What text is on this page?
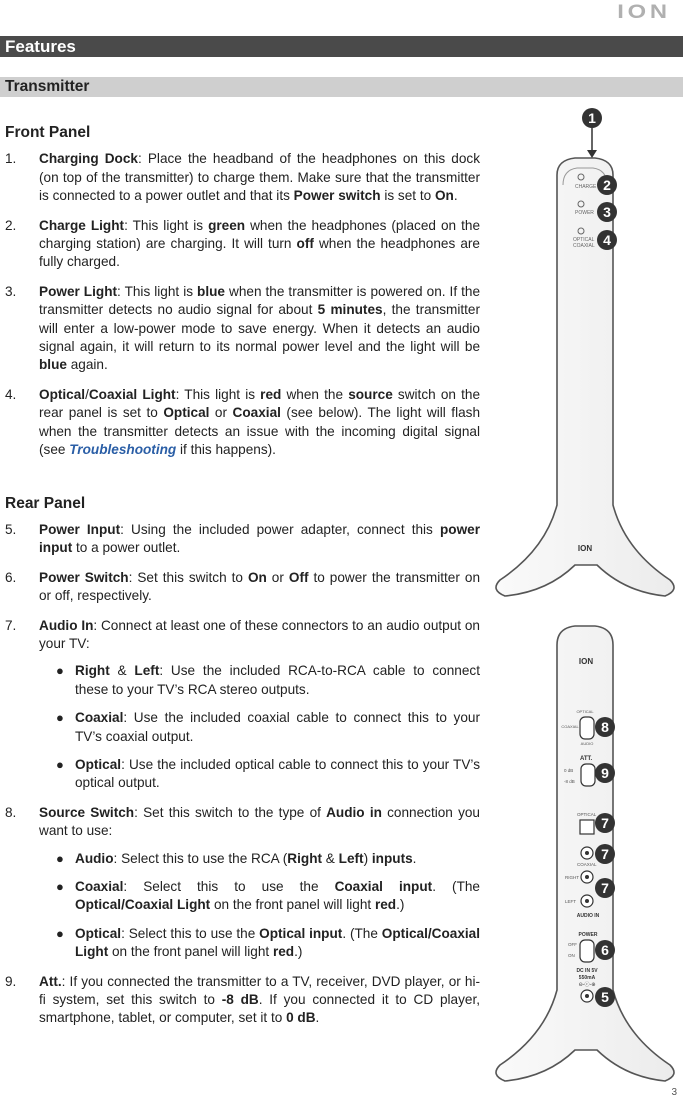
ION
Features
Transmitter
Front Panel
1.	Charging Dock: Place the headband of the headphones on this dock (on top of the transmitter) to charge them. Make sure that the transmitter is connected to a power outlet and that its Power switch is set to On.
2.	Charge Light: This light is green when the headphones (placed on the charging station) are charging. It will turn off when the headphones are fully charged.
3.	Power Light: This light is blue when the transmitter is powered on. If the transmitter detects no audio signal for about 5 minutes, the transmitter will enter a low-power mode to save energy. When it detects an audio signal again, it will return to its normal power level and the light will be blue again.
4.	Optical/Coaxial Light: This light is red when the source switch on the rear panel is set to Optical or Coaxial (see below). The light will flash when the transmitter detects an issue with the incoming digital signal (see Troubleshooting if this happens).
Rear Panel
5.	Power Input: Using the included power adapter, connect this power input to a power outlet.
6.	Power Switch: Set this switch to On or Off to power the transmitter on or off, respectively.
7.	Audio In: Connect at least one of these connectors to an audio output on your TV:
● Right & Left: Use the included RCA-to-RCA cable to connect these to your TV’s RCA stereo outputs.
● Coaxial: Use the included coaxial cable to connect this to your TV’s coaxial output.
● Optical: Use the included optical cable to connect this to your TV’s optical output.
8.	Source Switch: Set this switch to the type of Audio in connection you want to use:
● Audio: Select this to use the RCA (Right & Left) inputs.
● Coaxial: Select this to use the Coaxial input. (The Optical/Coaxial Light on the front panel will light red.)
● Optical: Select this to use the Optical input. (The Optical/Coaxial Light on the front panel will light red.)
9.	Att.: If you connected the transmitter to a TV, receiver, DVD player, or hi-fi system, set this switch to -8 dB. If you connected it to CD player, smartphone, tablet, or computer, set it to 0 dB.
1
CHARGE
POWER
OPTICAL
COAXIAL
2
3
4
ION
ION
OPTICAL
COAXIAL
AUDIO
ATT.
0 dB
-8 dB
OPTICAL
COAXIAL
RIGHT
LEFT
AUDIO IN
POWER
OFF
ON
DC IN 5V
550mA
⊖-ⓒ-⊕
8
9
7
7
7
6
5
3
